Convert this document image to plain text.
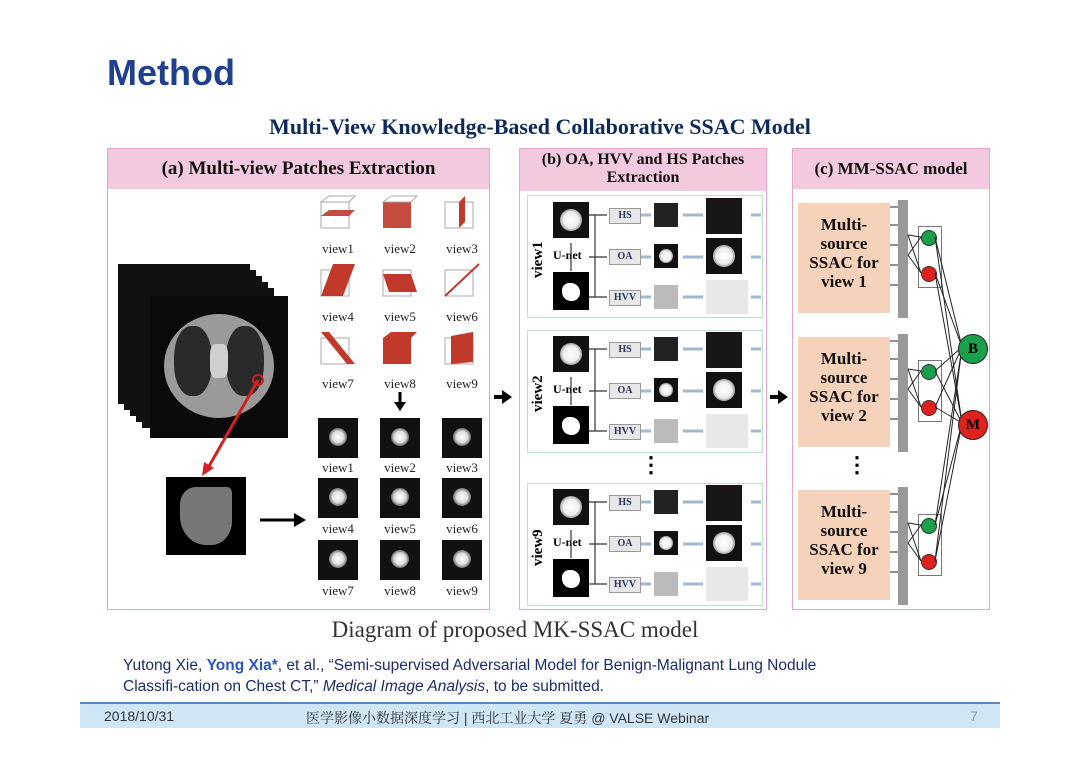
Method
Multi-View Knowledge-Based Collaborative SSAC Model
(a) Multi-view Patches Extraction
view1	view2	view3
view4	view5	view6
view7	view8	view9
view1	view2	view3
view4	view5	view6
view7	view8	view9
(b) OA, HVV and HS Patches
Extraction
view1
view2
view9
U-net
HS
OA
HVV
U-net
HS
OA
HVV
⋮
U-net
HS
OA
HVV
(c) MM-SSAC model
Multi-
source
SSAC for
view 1
Multi-
source
SSAC for
view 2
Multi-
source
SSAC for
view 9
⋮
B
M
Diagram of proposed MK-SSAC model
Yutong Xie, Yong Xia*, et al., “Semi-supervised Adversarial Model for Benign-Malignant Lung Nodule
Classifi-cation on Chest CT,” Medical Image Analysis, to be submitted.
2018/10/31	医学影像小数据深度学习 | 西北工业大学 夏勇 @ VALSE Webinar	7
